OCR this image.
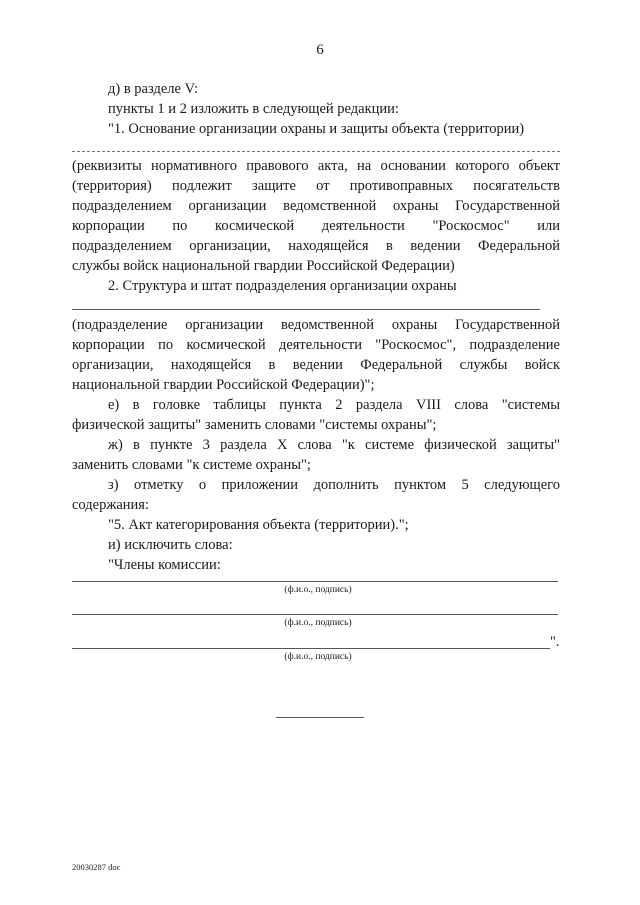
6
д) в разделе V:
пункты 1 и 2 изложить в следующей редакции:
"1. Основание организации охраны и защиты объекта (территории)
(реквизиты нормативного правового акта, на основании которого объект
(территория) подлежит защите от противоправных посягательств
подразделением организации ведомственной охраны Государственной
корпорации по космической деятельности "Роскосмос" или
подразделением организации, находящейся в ведении Федеральной
службы войск национальной гвардии Российской Федерации)
2. Структура и штат подразделения организации охраны
(подразделение организации ведомственной охраны Государственной
корпорации по космической деятельности "Роскосмос", подразделение
организации, находящейся в ведении Федеральной службы войск
национальной гвардии Российской Федерации)";
е) в головке таблицы пункта 2 раздела VIII слова "системы
физической защиты" заменить словами "системы охраны";
ж) в пункте 3 раздела X слова "к системе физической защиты"
заменить словами "к системе охраны";
з) отметку о приложении дополнить пунктом 5 следующего
содержания:
"5. Акт категорирования объекта (территории).";
и) исключить слова:
"Члены комиссии:
(ф.и.о., подпись)
(ф.и.о., подпись)
".
(ф.и.о., подпись)
20030287 doc
